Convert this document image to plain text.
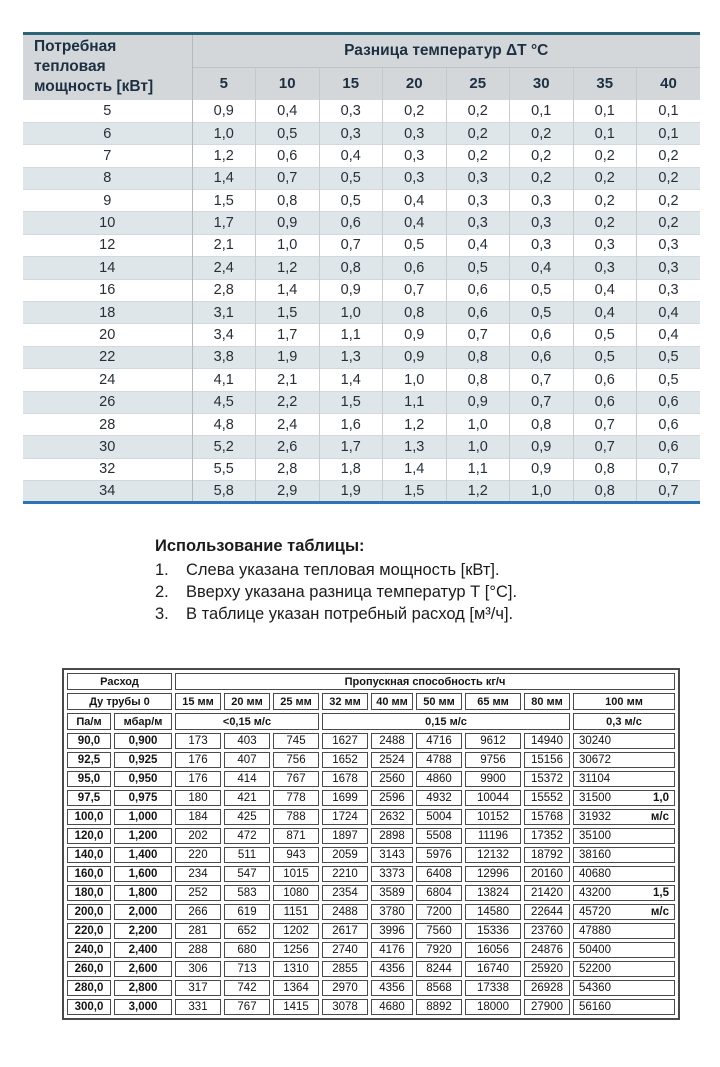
Потребная тепловая мощность [кВт]	Разница температур ΔT °C							
	5	10	15	20	25	30	35	40
5	0,9	0,4	0,3	0,2	0,2	0,1	0,1	0,1
6	1,0	0,5	0,3	0,3	0,2	0,2	0,1	0,1
7	1,2	0,6	0,4	0,3	0,2	0,2	0,2	0,2
8	1,4	0,7	0,5	0,3	0,3	0,2	0,2	0,2
9	1,5	0,8	0,5	0,4	0,3	0,3	0,2	0,2
10	1,7	0,9	0,6	0,4	0,3	0,3	0,2	0,2
12	2,1	1,0	0,7	0,5	0,4	0,3	0,3	0,3
14	2,4	1,2	0,8	0,6	0,5	0,4	0,3	0,3
16	2,8	1,4	0,9	0,7	0,6	0,5	0,4	0,3
18	3,1	1,5	1,0	0,8	0,6	0,5	0,4	0,4
20	3,4	1,7	1,1	0,9	0,7	0,6	0,5	0,4
22	3,8	1,9	1,3	0,9	0,8	0,6	0,5	0,5
24	4,1	2,1	1,4	1,0	0,8	0,7	0,6	0,5
26	4,5	2,2	1,5	1,1	0,9	0,7	0,6	0,6
28	4,8	2,4	1,6	1,2	1,0	0,8	0,7	0,6
30	5,2	2,6	1,7	1,3	1,0	0,9	0,7	0,6
32	5,5	2,8	1,8	1,4	1,1	0,9	0,8	0,7
34	5,8	2,9	1,9	1,5	1,2	1,0	0,8	0,7
Использование таблицы:
1.	Слева указана тепловая мощность [кВт].
2.	Вверху указана разница температур Т [°C].
3.	В таблице указан потребный расход [м³/ч].
Расход		Пропускная способность кг/ч								
Ду трубы 0		15 мм	20 мм	25 мм	32 мм	40 мм	50 мм	65 мм	80 мм	100 мм
Па/м	мбар/м	<0,15 м/с			0,15 м/с					0,3 м/с
90,0	0,900	173	403	745	1627	2488	4716	9612	14940	30240

92,5	0,925	176	407	756	1652	2524	4788	9756	15156	30672

95,0	0,950	176	414	767	1678	2560	4860	9900	15372	31104

97,5	0,975	180	421	778	1699	2596	4932	10044	15552	31500 1,0

100,0	1,000	184	425	788	1724	2632	5004	10152	15768	31932 м/с

120,0	1,200	202	472	871	1897	2898	5508	11196	17352	35100

140,0	1,400	220	511	943	2059	3143	5976	12132	18792	38160

160,0	1,600	234	547	1015	2210	3373	6408	12996	20160	40680

180,0	1,800	252	583	1080	2354	3589	6804	13824	21420	43200 1,5

200,0	2,000	266	619	1151	2488	3780	7200	14580	22644	45720 м/с

220,0	2,200	281	652	1202	2617	3996	7560	15336	23760	47880

240,0	2,400	288	680	1256	2740	4176	7920	16056	24876	50400

260,0	2,600	306	713	1310	2855	4356	8244	16740	25920	52200

280,0	2,800	317	742	1364	2970	4356	8568	17338	26928	54360

300,0	3,000	331	767	1415	3078	4680	8892	18000	27900	56160
